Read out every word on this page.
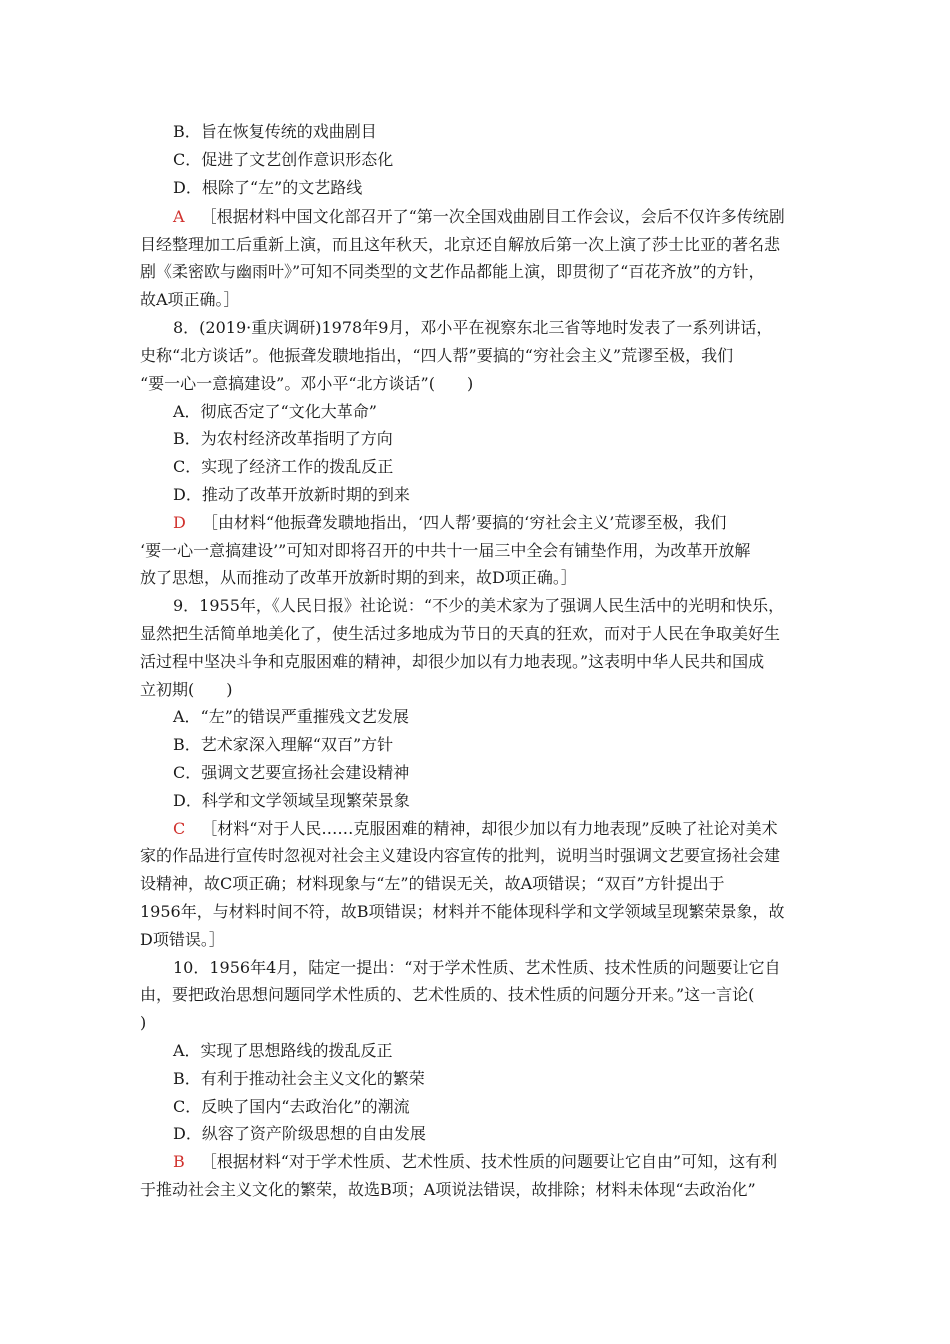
B．旨在恢复传统的戏曲剧目
C．促进了文艺创作意识形态化
D．根除了“左”的文艺路线
A ［根据材料中国文化部召开了“第一次全国戏曲剧目工作会议，会后不仅许多传统剧
目经整理加工后重新上演，而且这年秋天，北京还自解放后第一次上演了莎士比亚的著名悲
剧《柔密欧与幽雨叶》”可知不同类型的文艺作品都能上演，即贯彻了“百花齐放”的方针，
故A项正确。］
8．(2019·重庆调研)1978年9月，邓小平在视察东北三省等地时发表了一系列讲话，
史称“北方谈话”。他振聋发聩地指出，“四人帮”要搞的“穷社会主义”荒谬至极，我们
“要一心一意搞建设”。邓小平“北方谈话”(　　)
A．彻底否定了“文化大革命”
B．为农村经济改革指明了方向
C．实现了经济工作的拨乱反正
D．推动了改革开放新时期的到来
D ［由材料“他振聋发聩地指出，‘四人帮’要搞的‘穷社会主义’荒谬至极，我们
‘要一心一意搞建设’”可知对即将召开的中共十一届三中全会有铺垫作用，为改革开放解
放了思想，从而推动了改革开放新时期的到来，故D项正确。］
9．1955年，《人民日报》社论说：“不少的美术家为了强调人民生活中的光明和快乐，
显然把生活简单地美化了，使生活过多地成为节日的天真的狂欢，而对于人民在争取美好生
活过程中坚决斗争和克服困难的精神，却很少加以有力地表现。”这表明中华人民共和国成
立初期(　　)
A．“左”的错误严重摧残文艺发展
B．艺术家深入理解“双百”方针
C．强调文艺要宣扬社会建设精神
D．科学和文学领域呈现繁荣景象
C ［材料“对于人民……克服困难的精神，却很少加以有力地表现”反映了社论对美术
家的作品进行宣传时忽视对社会主义建设内容宣传的批判，说明当时强调文艺要宣扬社会建
设精神，故C项正确；材料现象与“左”的错误无关，故A项错误；“双百”方针提出于
1956年，与材料时间不符，故B项错误；材料并不能体现科学和文学领域呈现繁荣景象，故
D项错误。］
10．1956年4月，陆定一提出：“对于学术性质、艺术性质、技术性质的问题要让它自
由，要把政治思想问题同学术性质的、艺术性质的、技术性质的问题分开来。”这一言论(
)
A．实现了思想路线的拨乱反正
B．有利于推动社会主义文化的繁荣
C．反映了国内“去政治化”的潮流
D．纵容了资产阶级思想的自由发展
B ［根据材料“对于学术性质、艺术性质、技术性质的问题要让它自由”可知，这有利
于推动社会主义文化的繁荣，故选B项；A项说法错误，故排除；材料未体现“去政治化”
